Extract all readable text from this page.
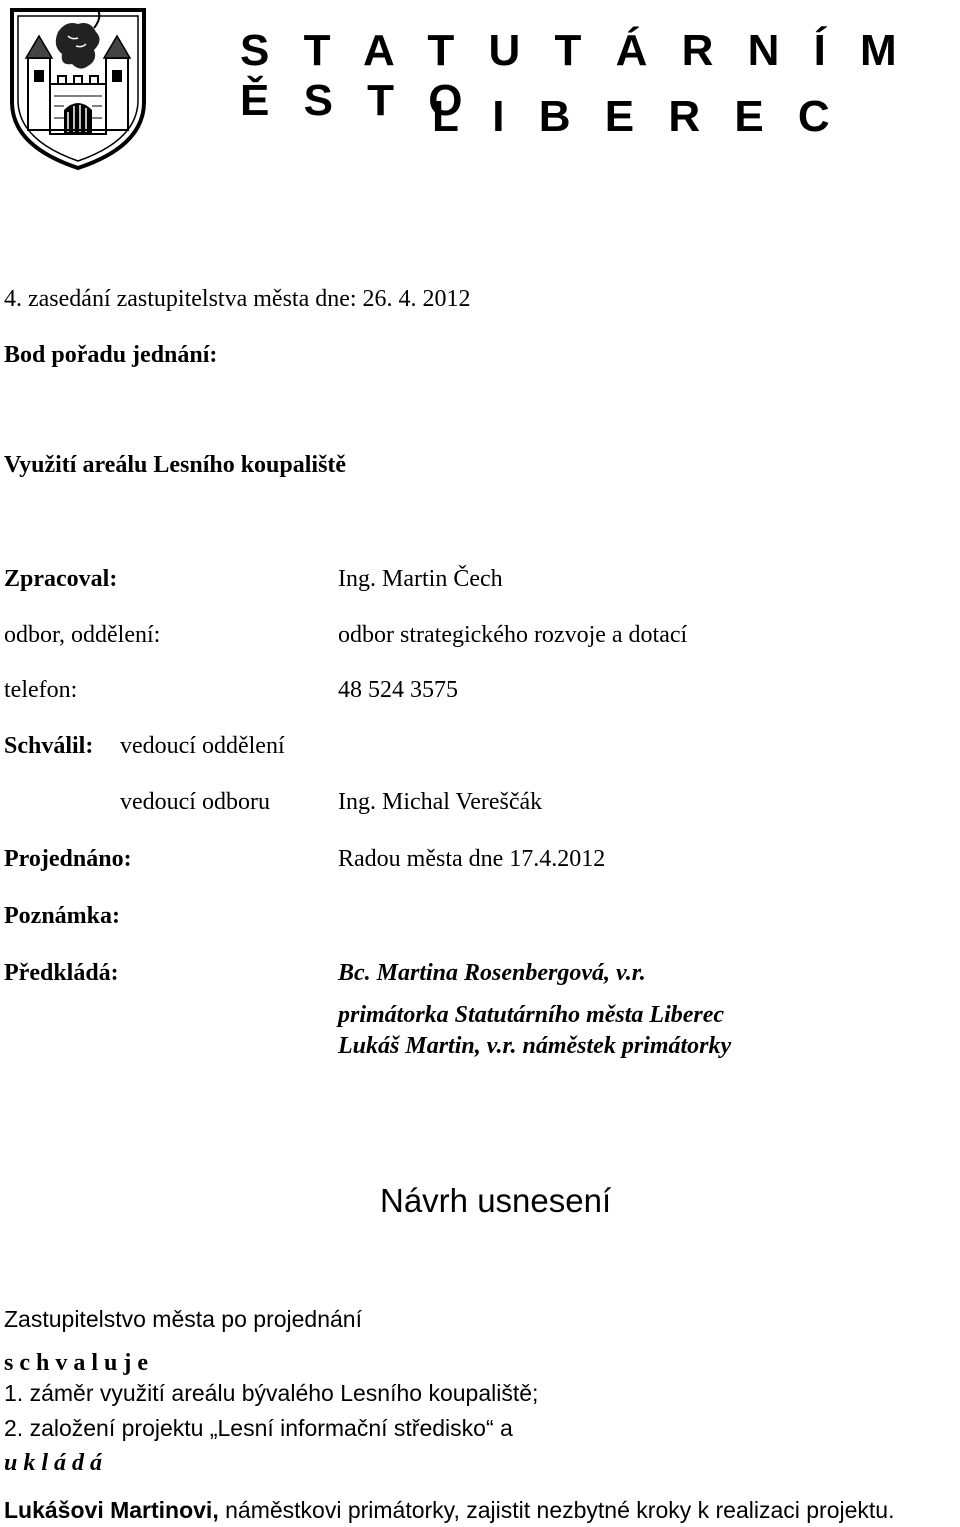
S T A T U T Á R N Í M Ě S T O
L I B E R E C
4. zasedání zastupitelstva města dne: 26. 4. 2012
Bod pořadu jednání:
Využití areálu Lesního koupaliště
Zpracoval:	Ing. Martin Čech
odbor, oddělení:	odbor strategického rozvoje a dotací
telefon:	48 524 3575
Schválil: vedoucí oddělení
vedoucí odboru	Ing. Michal Vereščák
Projednáno:	Radou města dne 17.4.2012
Poznámka:
Předkládá:	Bc. Martina Rosenbergová, v.r.
primátorka Statutárního města Liberec
Lukáš Martin, v.r. náměstek primátorky
Návrh usnesení
Zastupitelstvo města po projednání
s c h v a l u j e
1. záměr využití areálu bývalého Lesního koupaliště;
2. založení projektu „Lesní informační středisko“ a
u k l á d á
Lukášovi Martinovi, náměstkovi primátorky, zajistit nezbytné kroky k realizaci projektu.
